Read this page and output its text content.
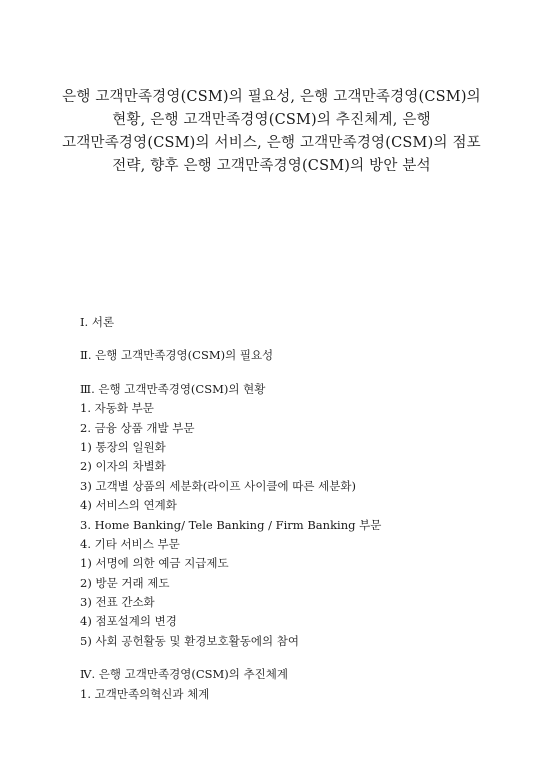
은행 고객만족경영(CSM)의 필요성, 은행 고객만족경영(CSM)의
현황, 은행 고객만족경영(CSM)의 추진체계, 은행
고객만족경영(CSM)의 서비스, 은행 고객만족경영(CSM)의 점포
전략, 향후 은행 고객만족경영(CSM)의 방안 분석
Ⅰ. 서론
Ⅱ. 은행 고객만족경영(CSM)의 필요성
Ⅲ. 은행 고객만족경영(CSM)의 현황
1. 자동화 부문
2. 금융 상품 개발 부문
1) 통장의 일원화
2) 이자의 차별화
3) 고객별 상품의 세분화(라이프 사이클에 따른 세분화)
4) 서비스의 연계화
3. Home Banking/ Tele Banking / Firm Banking 부문
4. 기타 서비스 부문
1) 서명에 의한 예금 지급제도
2) 방문 거래 제도
3) 전표 간소화
4) 점포설계의 변경
5) 사회 공헌활동 및 환경보호활동에의 참여
Ⅳ. 은행 고객만족경영(CSM)의 추진체계
1. 고객만족의혁신과 체계
